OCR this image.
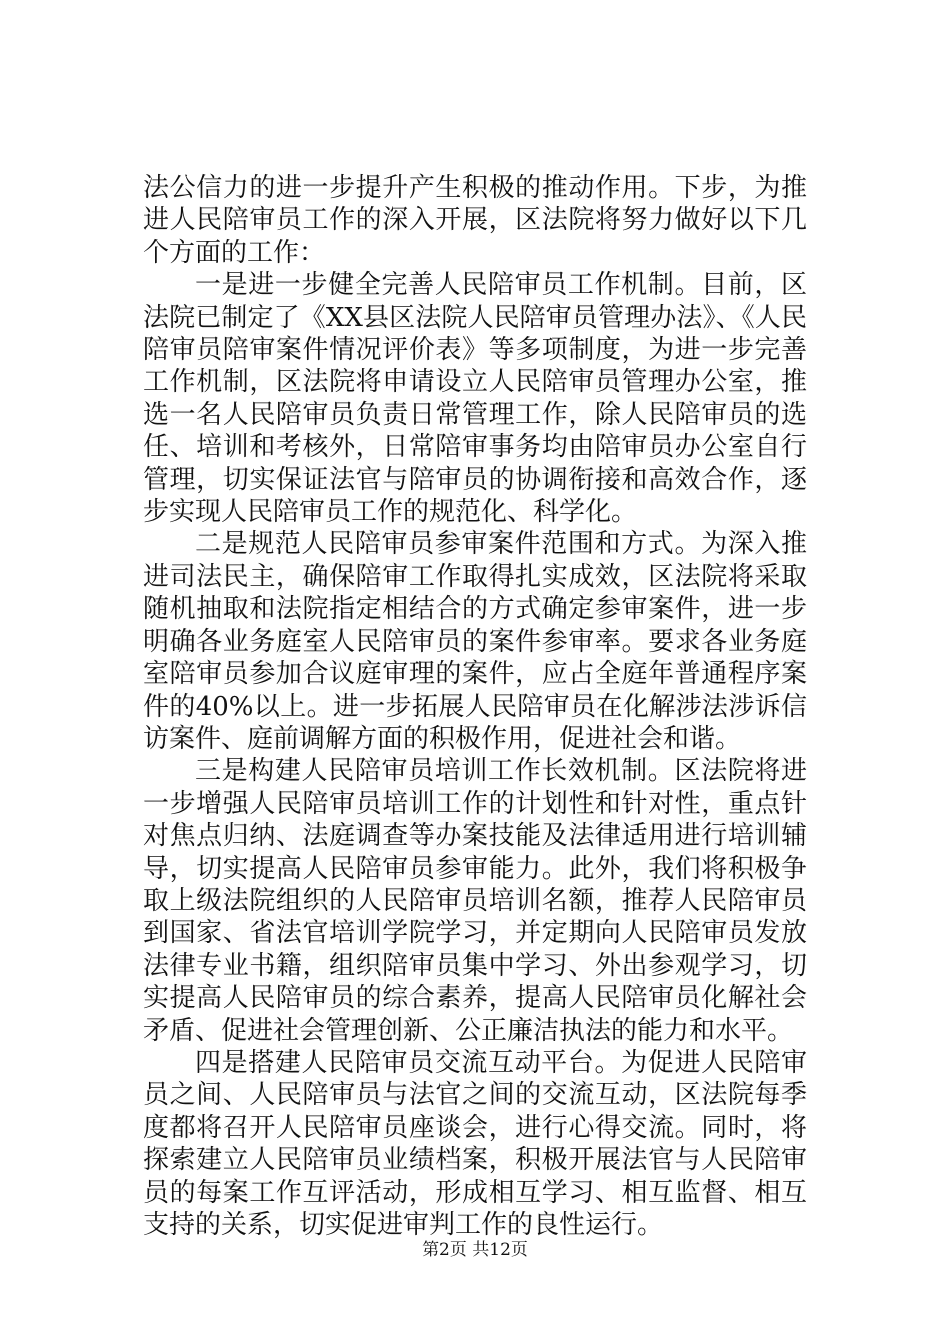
法公信力的进一步提升产生积极的推动作用。下步，为推进人民陪审员工作的深入开展，区法院将努力做好以下几个方面的工作：

一是进一步健全完善人民陪审员工作机制。目前，区法院已制定了《XX县区法院人民陪审员管理办法》、《人民陪审员陪审案件情况评价表》等多项制度，为进一步完善工作机制，区法院将申请设立人民陪审员管理办公室，推选一名人民陪审员负责日常管理工作，除人民陪审员的选任、培训和考核外，日常陪审事务均由陪审员办公室自行管理，切实保证法官与陪审员的协调衔接和高效合作，逐步实现人民陪审员工作的规范化、科学化。

二是规范人民陪审员参审案件范围和方式。为深入推进司法民主，确保陪审工作取得扎实成效，区法院将采取随机抽取和法院指定相结合的方式确定参审案件，进一步明确各业务庭室人民陪审员的案件参审率。要求各业务庭室陪审员参加合议庭审理的案件，应占全庭年普通程序案件的40%以上。进一步拓展人民陪审员在化解涉法涉诉信访案件、庭前调解方面的积极作用，促进社会和谐。

三是构建人民陪审员培训工作长效机制。区法院将进一步增强人民陪审员培训工作的计划性和针对性，重点针对焦点归纳、法庭调查等办案技能及法律适用进行培训辅导，切实提高人民陪审员参审能力。此外，我们将积极争取上级法院组织的人民陪审员培训名额，推荐人民陪审员到国家、省法官培训学院学习，并定期向人民陪审员发放法律专业书籍，组织陪审员集中学习、外出参观学习，切实提高人民陪审员的综合素养，提高人民陪审员化解社会矛盾、促进社会管理创新、公正廉洁执法的能力和水平。

四是搭建人民陪审员交流互动平台。为促进人民陪审员之间、人民陪审员与法官之间的交流互动，区法院每季度都将召开人民陪审员座谈会，进行心得交流。同时，将探索建立人民陪审员业绩档案，积极开展法官与人民陪审员的每案工作互评活动，形成相互学习、相互监督、相互支持的关系，切实促进审判工作的良性运行。

第2页 共12页
